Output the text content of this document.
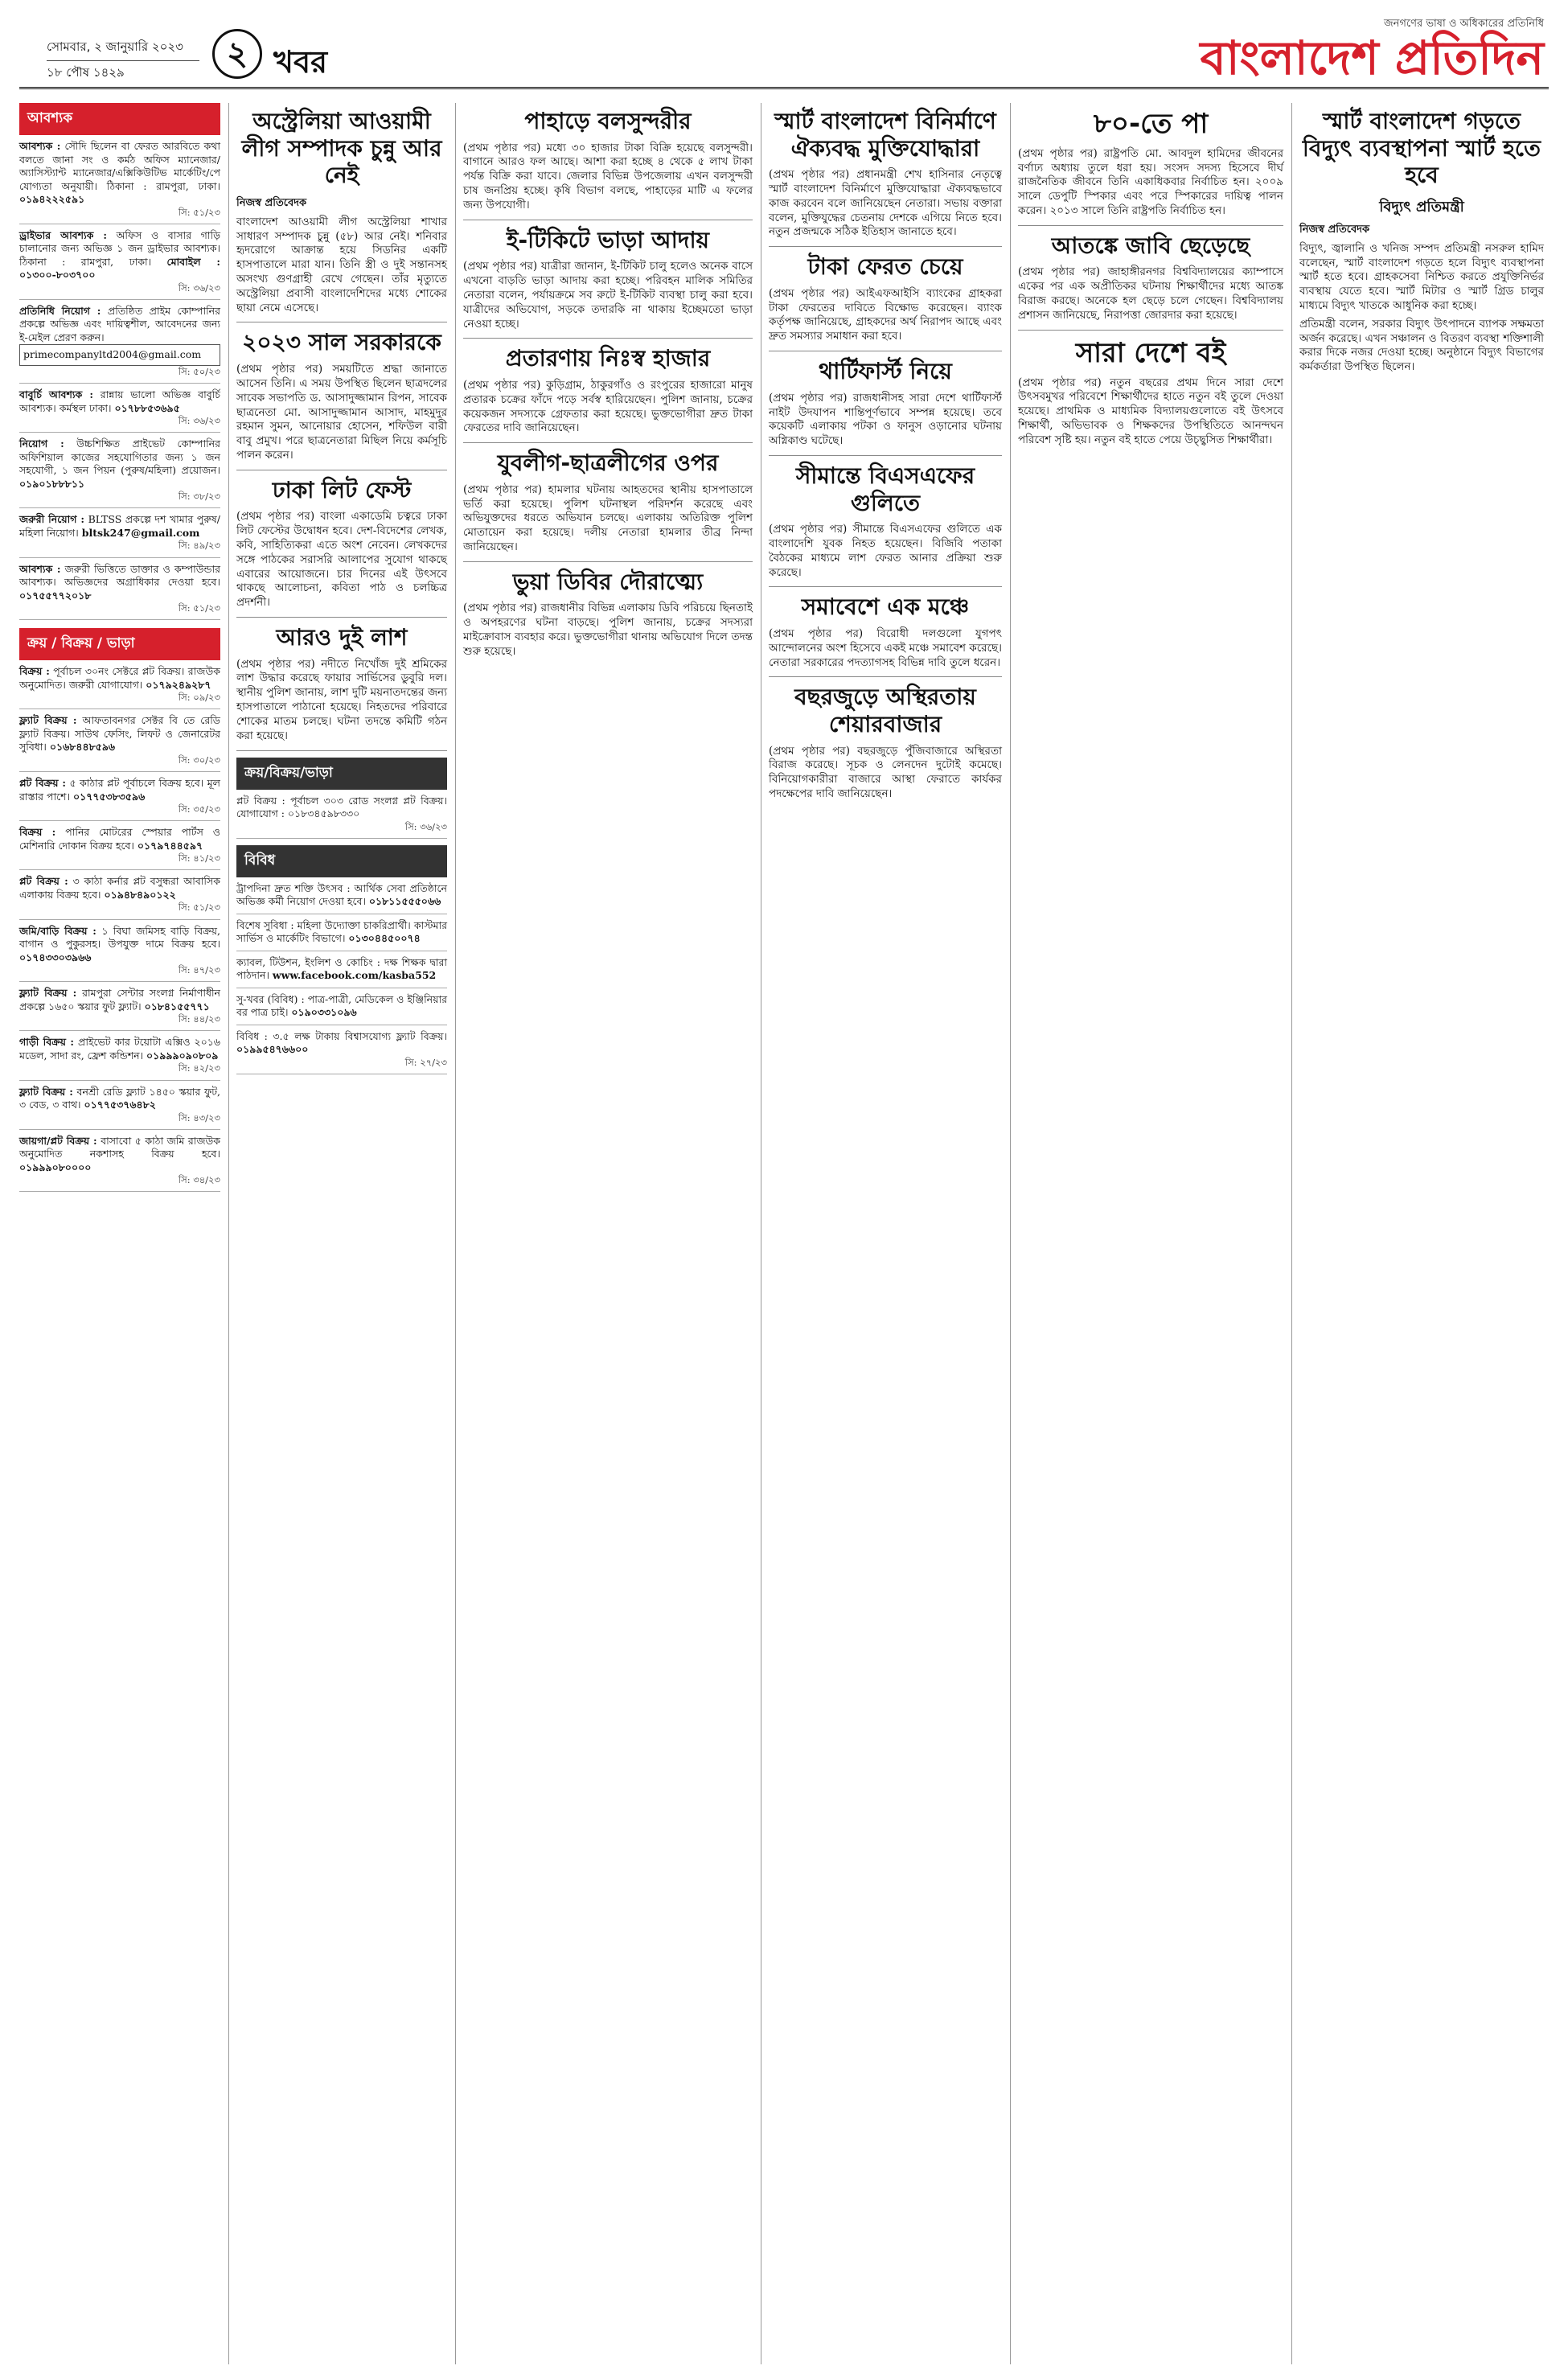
সোমবার, ২ জানুয়ারি ২০২৩
১৮ পৌষ ১৪২৯	২ খবর
জনগণের ভাষা ও অধিকারের প্রতিনিধি
বাংলাদেশ প্রতিদিন
আবশ্যক
আবশ্যক : সৌদি ছিলেন বা ফেরত আরবিতে কথা বলতে জানা সং ও কর্মঠ অফিস ম্যানেজার/ অ্যাসিস্ট্যান্ট ম্যানেজার/এক্সিকিউটিভ মার্কেটিং/পে যোগ্যতা অনুযায়ী। ঠিকানা : রামপুরা, ঢাকা। ০১৯৪২২২৫৯১
সি: ৫১/২৩
ড্রাইভার আবশ্যক : অফিস ও বাসার গাড়ি চালানোর জন্য অভিজ্ঞ ১ জন ড্রাইভার আবশ্যক। ঠিকানা : রামপুরা, ঢাকা। মোবাইল : ০১৩০০-৮০৩৭০০
সি: ৩৬/২৩
প্রতিনিধি নিয়োগ : প্রতিষ্ঠিত প্রাইম কোম্পানির প্রকল্পে অভিজ্ঞ এবং দায়িত্বশীল, আবেদনের জন্য ই-মেইল প্রেরণ করুন।
primecompanyltd2004@gmail.com
সি: ৫০/২৩
বাবুর্চি আবশ্যক : রান্নায় ভালো অভিজ্ঞ বাবুর্চি আবশ্যক। কর্মস্থল ঢাকা। ০১৭৮৮৫৩৬৯৫
সি: ৩৬/২৩
নিয়োগ : উচ্চশিক্ষিত প্রাইভেট কোম্পানির অফিশিয়াল কাজের সহযোগিতার জন্য ১ জন সহযোগী, ১ জন পিয়ন (পুরুষ/মহিলা) প্রয়োজন। ০১৯০১৮৮৮১১
সি: ৩৮/২৩
জরুরী নিয়োগ : BLTSS প্রকল্পে দশ খামার পুরুষ/মহিলা নিয়োগ। bltsk247@gmail.com
সি: ৪৯/২৩
আবশ্যক : জরুরী ভিত্তিতে ডাক্তার ও কম্পাউন্ডার আবশ্যক। অভিজ্ঞদের অগ্রাধিকার দেওয়া হবে। ০১৭৫৫৭৭২০১৮
সি: ৫১/২৩
ক্রয় / বিক্রয় / ভাড়া
বিক্রয় : পূর্বাচল ৩০নং সেক্টরে প্লট বিক্রয়। রাজউক অনুমোদিত। জরুরী যোগাযোগ। ০১৭৯২৪৯২৮৭
সি: ০৯/২৩
ফ্ল্যাট বিক্রয় : আফতাবনগর সেক্টর বি তে রেডি ফ্ল্যাট বিক্রয়। সাউথ ফেসিং, লিফট ও জেনারেটর সুবিধা। ০১৬৮৪৪৮৫৯৬
সি: ৩০/২৩
প্লট বিক্রয় : ৫ কাঠার প্লট পূর্বাচলে বিক্রয় হবে। মূল রাস্তার পাশে। ০১৭৭৫৩৮৩৫৯৬
সি: ৩৫/২৩
বিক্রয় : পানির মোটরের স্পেয়ার পার্টস ও মেশিনারি দোকান বিক্রয় হবে। ০১৭৯৭৪৪৫৯৭
সি: ৪১/২৩
প্লট বিক্রয় : ৩ কাঠা কর্নার প্লট বসুন্ধরা আবাসিক এলাকায় বিক্রয় হবে। ০১৯৪৮৪৯০১২২
সি: ৫১/২৩
জমি/বাড়ি বিক্রয় : ১ বিঘা জমিসহ বাড়ি বিক্রয়, বাগান ও পুকুরসহ। উপযুক্ত দামে বিক্রয় হবে। ০১৭৪৩৩০৩৯৬৬
সি: ৪৭/২৩
ফ্ল্যাট বিক্রয় : রামপুরা সেন্টার সংলগ্ন নির্মাণাধীন প্রকল্পে ১৬৫০ স্কয়ার ফুট ফ্ল্যাট। ০১৮৪১৫৫৭৭১
সি: ৪৪/২৩
গাড়ী বিক্রয় : প্রাইভেট কার টয়োটা এক্সিও ২০১৬ মডেল, সাদা রং, ফ্রেশ কন্ডিশন। ০১৯৯৯০৯০৮০৯
সি: ৪২/২৩
ফ্ল্যাট বিক্রয় : বনশ্রী রেডি ফ্ল্যাট ১৪৫০ স্কয়ার ফুট, ৩ বেড, ৩ বাথ। ০১৭৭৫৩৭৬৪৮২
সি: ৪৩/২৩
জায়গা/প্লট বিক্রয় : বাসাবো ৫ কাঠা জমি রাজউক অনুমোদিত নকশাসহ বিক্রয় হবে। ০১৯৯৯০৮০০০০
সি: ৩৪/২৩
অস্ট্রেলিয়া আওয়ামী লীগ সম্পাদক চুন্নু আর নেই
নিজস্ব প্রতিবেদক

বাংলাদেশ আওয়ামী লীগ অস্ট্রেলিয়া শাখার সাধারণ সম্পাদক চুন্নু (৫৮) আর নেই। শনিবার হৃদরোগে আক্রান্ত হয়ে সিডনির একটি হাসপাতালে মারা যান। তিনি স্ত্রী ও দুই সন্তানসহ অসংখ্য গুণগ্রাহী রেখে গেছেন। তাঁর মৃত্যুতে অস্ট্রেলিয়া প্রবাসী বাংলাদেশিদের মধ্যে শোকের ছায়া নেমে এসেছে।

২০২৩ সাল সরকারকে

(প্রথম পৃষ্ঠার পর) সময়টিতে শ্রদ্ধা জানাতে আসেন তিনি। এ সময় উপস্থিত ছিলেন ছাত্রদলের সাবেক সভাপতি ড. আসাদুজ্জামান রিপন, সাবেক ছাত্রনেতা মো. আসাদুজ্জামান আসাদ, মাহমুদুর রহমান সুমন, আনোয়ার হোসেন, শফিউল বারী বাবু প্রমুখ। পরে ছাত্রনেতারা মিছিল নিয়ে কর্মসূচি পালন করেন।

ঢাকা লিট ফেস্ট

(প্রথম পৃষ্ঠার পর) বাংলা একাডেমি চত্বরে ঢাকা লিট ফেস্টের উদ্বোধন হবে। দেশ-বিদেশের লেখক, কবি, সাহিত্যিকরা এতে অংশ নেবেন। লেখকদের সঙ্গে পাঠকের সরাসরি আলাপের সুযোগ থাকছে এবারের আয়োজনে। চার দিনের এই উৎসবে থাকছে আলোচনা, কবিতা পাঠ ও চলচ্চিত্র প্রদর্শনী।

আরও দুই লাশ

(প্রথম পৃষ্ঠার পর) নদীতে নিখোঁজ দুই শ্রমিকের লাশ উদ্ধার করেছে ফায়ার সার্ভিসের ডুবুরি দল। স্থানীয় পুলিশ জানায়, লাশ দুটি ময়নাতদন্তের জন্য হাসপাতালে পাঠানো হয়েছে। নিহতদের পরিবারে শোকের মাতম চলছে। ঘটনা তদন্তে কমিটি গঠন করা হয়েছে।

ক্রয়/বিক্রয়/ভাড়া
প্লট বিক্রয় : পূর্বাচল ৩০৩ রোড সংলগ্ন প্লট বিক্রয়। যোগাযোগ : ০১৮৩৪৫৯৮৩৩০
সি: ৩৬/২৩
বিবিধ
ট্রাপদিনা দ্রুত শক্তি উৎসব : আর্থিক সেবা প্রতিষ্ঠানে অভিজ্ঞ কর্মী নিয়োগ দেওয়া হবে। ০১৮১১৫৫৫০৬৬
বিশেষ সুবিধা : মহিলা উদ্যোক্তা চাকরিপ্রার্থী। কাস্টমার সার্ভিস ও মার্কেটিং বিভাগে। ০১৩০৪৪৫০০৭৪
ক্যাবল, টিউশন, ইংলিশ ও কোচিং : দক্ষ শিক্ষক দ্বারা পাঠদান। www.facebook.com/kasba552
সু-খবর (বিবিধ) : পাত্র-পাত্রী, মেডিকেল ও ইঞ্জিনিয়ার বর পাত্র চাই। ০১৯০৩৩১০৯৬
বিবিধ : ৩.৫ লক্ষ টাকায় বিশ্বাসযোগ্য ফ্ল্যাট বিক্রয়। ০১৯৯৫৪৭৬৬০০
সি: ২৭/২৩
পাহাড়ে বলসুন্দরীর

(প্রথম পৃষ্ঠার পর) মধ্যে ৩০ হাজার টাকা বিক্রি হয়েছে বলসুন্দরী। বাগানে আরও ফল আছে। আশা করা হচ্ছে ৪ থেকে ৫ লাখ টাকা পর্যন্ত বিক্রি করা যাবে। জেলার বিভিন্ন উপজেলায় এখন বলসুন্দরী চাষ জনপ্রিয় হচ্ছে। কৃষি বিভাগ বলছে, পাহাড়ের মাটি এ ফলের জন্য উপযোগী।

ই-টিকিটে ভাড়া আদায়

(প্রথম পৃষ্ঠার পর) যাত্রীরা জানান, ই-টিকিট চালু হলেও অনেক বাসে এখনো বাড়তি ভাড়া আদায় করা হচ্ছে। পরিবহন মালিক সমিতির নেতারা বলেন, পর্যায়ক্রমে সব রুটে ই-টিকিট ব্যবস্থা চালু করা হবে। যাত্রীদের অভিযোগ, সড়কে তদারকি না থাকায় ইচ্ছেমতো ভাড়া নেওয়া হচ্ছে।

প্রতারণায় নিঃস্ব হাজার

(প্রথম পৃষ্ঠার পর) কুড়িগ্রাম, ঠাকুরগাঁও ও রংপুরের হাজারো মানুষ প্রতারক চক্রের ফাঁদে পড়ে সর্বস্ব হারিয়েছেন। পুলিশ জানায়, চক্রের কয়েকজন সদস্যকে গ্রেফতার করা হয়েছে। ভুক্তভোগীরা দ্রুত টাকা ফেরতের দাবি জানিয়েছেন।

যুবলীগ-ছাত্রলীগের ওপর

(প্রথম পৃষ্ঠার পর) হামলার ঘটনায় আহতদের স্থানীয় হাসপাতালে ভর্তি করা হয়েছে। পুলিশ ঘটনাস্থল পরিদর্শন করেছে এবং অভিযুক্তদের ধরতে অভিযান চলছে। এলাকায় অতিরিক্ত পুলিশ মোতায়েন করা হয়েছে। দলীয় নেতারা হামলার তীব্র নিন্দা জানিয়েছেন।

ভুয়া ডিবির দৌরাত্ম্যে

(প্রথম পৃষ্ঠার পর) রাজধানীর বিভিন্ন এলাকায় ডিবি পরিচয়ে ছিনতাই ও অপহরণের ঘটনা বাড়ছে। পুলিশ জানায়, চক্রের সদস্যরা মাইক্রোবাস ব্যবহার করে। ভুক্তভোগীরা থানায় অভিযোগ দিলে তদন্ত শুরু হয়েছে।

স্মার্ট বাংলাদেশ বিনির্মাণে ঐক্যবদ্ধ মুক্তিযোদ্ধারা

(প্রথম পৃষ্ঠার পর) প্রধানমন্ত্রী শেখ হাসিনার নেতৃত্বে স্মার্ট বাংলাদেশ বিনির্মাণে মুক্তিযোদ্ধারা ঐক্যবদ্ধভাবে কাজ করবেন বলে জানিয়েছেন নেতারা। সভায় বক্তারা বলেন, মুক্তিযুদ্ধের চেতনায় দেশকে এগিয়ে নিতে হবে। নতুন প্রজন্মকে সঠিক ইতিহাস জানাতে হবে।

টাকা ফেরত চেয়ে

(প্রথম পৃষ্ঠার পর) আইএফআইসি ব্যাংকের গ্রাহকরা টাকা ফেরতের দাবিতে বিক্ষোভ করেছেন। ব্যাংক কর্তৃপক্ষ জানিয়েছে, গ্রাহকদের অর্থ নিরাপদ আছে এবং দ্রুত সমস্যার সমাধান করা হবে।

থার্টিফার্স্ট নিয়ে

(প্রথম পৃষ্ঠার পর) রাজধানীসহ সারা দেশে থার্টিফার্স্ট নাইট উদযাপন শান্তিপূর্ণভাবে সম্পন্ন হয়েছে। তবে কয়েকটি এলাকায় পটকা ও ফানুস ওড়ানোর ঘটনায় অগ্নিকাণ্ড ঘটেছে।

সীমান্তে বিএসএফের গুলিতে

(প্রথম পৃষ্ঠার পর) সীমান্তে বিএসএফের গুলিতে এক বাংলাদেশি যুবক নিহত হয়েছেন। বিজিবি পতাকা বৈঠকের মাধ্যমে লাশ ফেরত আনার প্রক্রিয়া শুরু করেছে।

সমাবেশে এক মঞ্চে

(প্রথম পৃষ্ঠার পর) বিরোধী দলগুলো যুগপৎ আন্দোলনের অংশ হিসেবে একই মঞ্চে সমাবেশ করেছে। নেতারা সরকারের পদত্যাগসহ বিভিন্ন দাবি তুলে ধরেন।

বছরজুড়ে অস্থিরতায় শেয়ারবাজার

(প্রথম পৃষ্ঠার পর) বছরজুড়ে পুঁজিবাজারে অস্থিরতা বিরাজ করেছে। সূচক ও লেনদেন দুটোই কমেছে। বিনিয়োগকারীরা বাজারে আস্থা ফেরাতে কার্যকর পদক্ষেপের দাবি জানিয়েছেন।

৮০-তে পা

(প্রথম পৃষ্ঠার পর) রাষ্ট্রপতি মো. আবদুল হামিদের জীবনের বর্ণাঢ্য অধ্যায় তুলে ধরা হয়। সংসদ সদস্য হিসেবে দীর্ঘ রাজনৈতিক জীবনে তিনি একাধিকবার নির্বাচিত হন। ২০০৯ সালে ডেপুটি স্পিকার এবং পরে স্পিকারের দায়িত্ব পালন করেন। ২০১৩ সালে তিনি রাষ্ট্রপতি নির্বাচিত হন।

আতঙ্কে জাবি ছেড়েছে

(প্রথম পৃষ্ঠার পর) জাহাঙ্গীরনগর বিশ্ববিদ্যালয়ের ক্যাম্পাসে একের পর এক অপ্রীতিকর ঘটনায় শিক্ষার্থীদের মধ্যে আতঙ্ক বিরাজ করছে। অনেকে হল ছেড়ে চলে গেছেন। বিশ্ববিদ্যালয় প্রশাসন জানিয়েছে, নিরাপত্তা জোরদার করা হয়েছে।

সারা দেশে বই

(প্রথম পৃষ্ঠার পর) নতুন বছরের প্রথম দিনে সারা দেশে উৎসবমুখর পরিবেশে শিক্ষার্থীদের হাতে নতুন বই তুলে দেওয়া হয়েছে। প্রাথমিক ও মাধ্যমিক বিদ্যালয়গুলোতে বই উৎসবে শিক্ষার্থী, অভিভাবক ও শিক্ষকদের উপস্থিতিতে আনন্দঘন পরিবেশ সৃষ্টি হয়। নতুন বই হাতে পেয়ে উচ্ছ্বসিত শিক্ষার্থীরা।

স্মার্ট বাংলাদেশ গড়তে বিদ্যুৎ ব্যবস্থাপনা স্মার্ট হতে হবে
বিদ্যুৎ প্রতিমন্ত্রী
নিজস্ব প্রতিবেদক

বিদ্যুৎ, জ্বালানি ও খনিজ সম্পদ প্রতিমন্ত্রী নসরুল হামিদ বলেছেন, স্মার্ট বাংলাদেশ গড়তে হলে বিদ্যুৎ ব্যবস্থাপনা স্মার্ট হতে হবে। গ্রাহকসেবা নিশ্চিত করতে প্রযুক্তিনির্ভর ব্যবস্থায় যেতে হবে। স্মার্ট মিটার ও স্মার্ট গ্রিড চালুর মাধ্যমে বিদ্যুৎ খাতকে আধুনিক করা হচ্ছে।

প্রতিমন্ত্রী বলেন, সরকার বিদ্যুৎ উৎপাদনে ব্যাপক সক্ষমতা অর্জন করেছে। এখন সঞ্চালন ও বিতরণ ব্যবস্থা শক্তিশালী করার দিকে নজর দেওয়া হচ্ছে। অনুষ্ঠানে বিদ্যুৎ বিভাগের কর্মকর্তারা উপস্থিত ছিলেন।
